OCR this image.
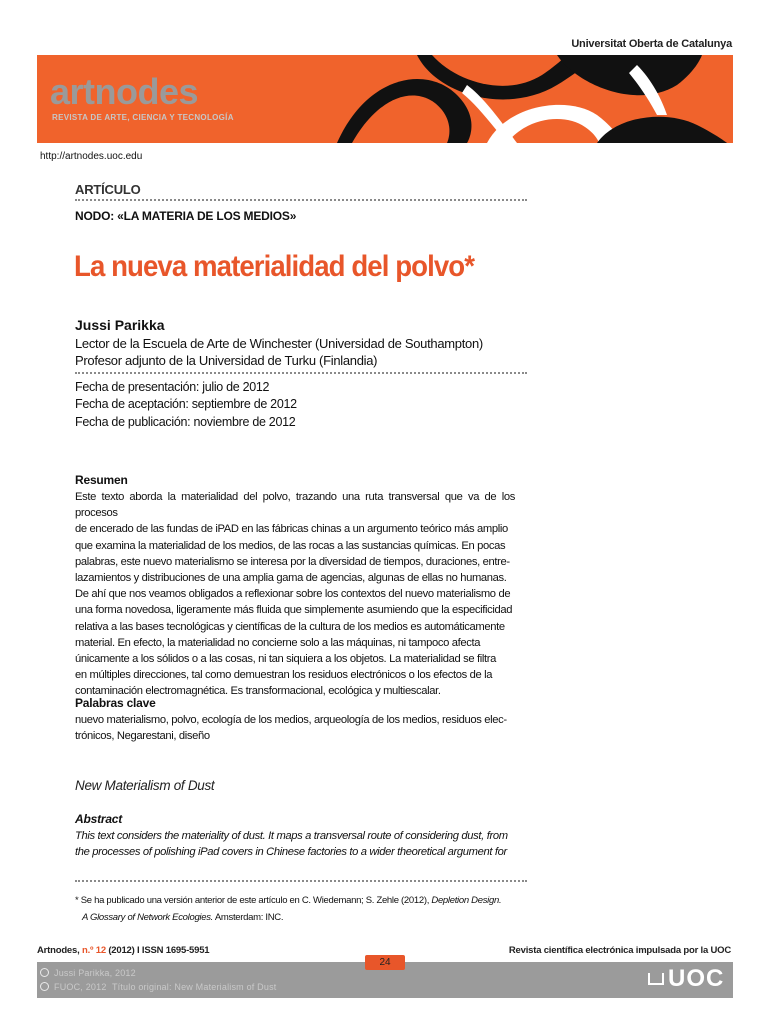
Universitat Oberta de Catalunya
artnodes
REVISTA DE ARTE, CIENCIA Y TECNOLOGÍA
http://artnodes.uoc.edu
ARTÍCULO
NODO: «LA MATERIA DE LOS MEDIOS»
La nueva materialidad del polvo*
Jussi Parikka
Lector de la Escuela de Arte de Winchester (Universidad de Southampton)
Profesor adjunto de la Universidad de Turku (Finlandia)
Fecha de presentación: julio de 2012
Fecha de aceptación: septiembre de 2012
Fecha de publicación: noviembre de 2012
Resumen
Este texto aborda la materialidad del polvo, trazando una ruta transversal que va de los procesos
de encerado de las fundas de iPAD en las fábricas chinas a un argumento teórico más amplio
que examina la materialidad de los medios, de las rocas a las sustancias químicas. En pocas
palabras, este nuevo materialismo se interesa por la diversidad de tiempos, duraciones, entre-
lazamientos y distribuciones de una amplia gama de agencias, algunas de ellas no humanas.
De ahí que nos veamos obligados a reflexionar sobre los contextos del nuevo materialismo de
una forma novedosa, ligeramente más fluida que simplemente asumiendo que la especificidad
relativa a las bases tecnológicas y científicas de la cultura de los medios es automáticamente
material. En efecto, la materialidad no concierne solo a las máquinas, ni tampoco afecta
únicamente a los sólidos o a las cosas, ni tan siquiera a los objetos. La materialidad se filtra
en múltiples direcciones, tal como demuestran los residuos electrónicos o los efectos de la
contaminación electromagnética. Es transformacional, ecológica y multiescalar.
Palabras clave
nuevo materialismo, polvo, ecología de los medios, arqueología de los medios, residuos elec-
trónicos, Negarestani, diseño
New Materialism of Dust
Abstract
This text considers the materiality of dust. It maps a transversal route of considering dust, from
the processes of polishing iPad covers in Chinese factories to a wider theoretical argument for
* Se ha publicado una versión anterior de este artículo en C. Wiedemann; S. Zehle (2012), Depletion Design.
A Glossary of Network Ecologies. Amsterdam: INC.
Artnodes, n.º 12 (2012) I ISSN 1695-5951	Revista científica electrónica impulsada por la UOC
24
Jussi Parikka, 2012
FUOC, 2012 Título original: New Materialism of Dust	UOC
